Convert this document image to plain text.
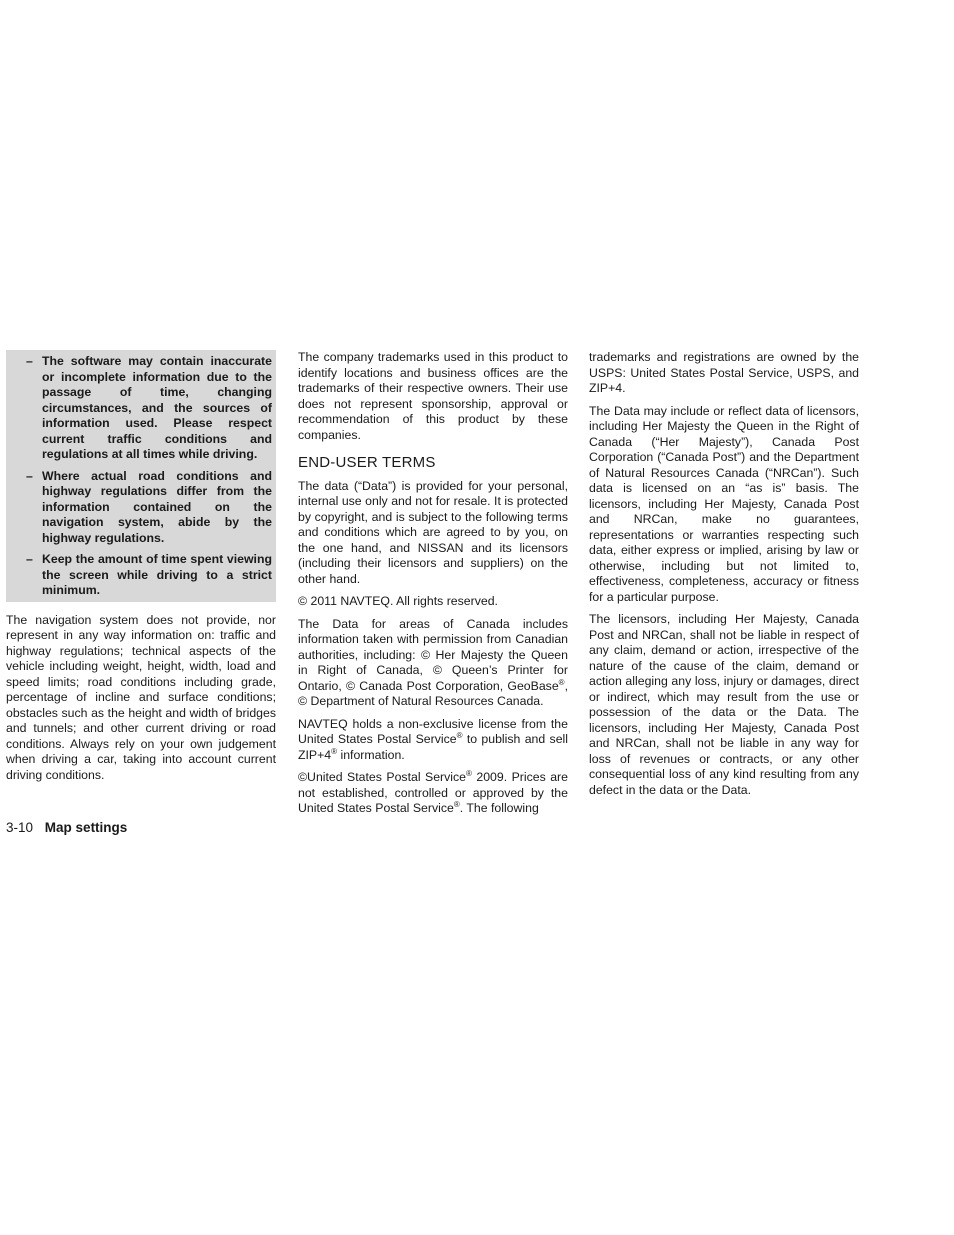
– The software may contain inaccurate or incomplete information due to the passage of time, changing circumstances, and the sources of information used. Please respect current traffic conditions and regulations at all times while driving.
– Where actual road conditions and highway regulations differ from the information contained on the navigation system, abide by the highway regulations.
– Keep the amount of time spent viewing the screen while driving to a strict minimum.

The navigation system does not provide, nor represent in any way information on: traffic and highway regulations; technical aspects of the vehicle including weight, height, width, load and speed limits; road conditions including grade, percentage of incline and surface conditions; obstacles such as the height and width of bridges and tunnels; and other current driving or road conditions. Always rely on your own judgement when driving a car, taking into account current driving conditions.

The company trademarks used in this product to identify locations and business offices are the trademarks of their respective owners. Their use does not represent sponsorship, approval or recommendation of this product by these companies.

END-USER TERMS

The data (“Data”) is provided for your personal, internal use only and not for resale. It is protected by copyright, and is subject to the following terms and conditions which are agreed to by you, on the one hand, and NISSAN and its licensors (including their licensors and suppliers) on the other hand.

© 2011 NAVTEQ. All rights reserved.

The Data for areas of Canada includes information taken with permission from Canadian authorities, including: © Her Majesty the Queen in Right of Canada, © Queen’s Printer for Ontario, © Canada Post Corporation, GeoBase®, © Department of Natural Resources Canada.

NAVTEQ holds a non-exclusive license from the United States Postal Service® to publish and sell ZIP+4® information.

©United States Postal Service® 2009. Prices are not established, controlled or approved by the United States Postal Service®. The following

trademarks and registrations are owned by the USPS: United States Postal Service, USPS, and ZIP+4.

The Data may include or reflect data of licensors, including Her Majesty the Queen in the Right of Canada (“Her Majesty”), Canada Post Corporation (“Canada Post”) and the Department of Natural Resources Canada (“NRCan”). Such data is licensed on an “as is” basis. The licensors, including Her Majesty, Canada Post and NRCan, make no guarantees, representations or warranties respecting such data, either express or implied, arising by law or otherwise, including but not limited to, effectiveness, completeness, accuracy or fitness for a particular purpose.

The licensors, including Her Majesty, Canada Post and NRCan, shall not be liable in respect of any claim, demand or action, irrespective of the nature of the cause of the claim, demand or action alleging any loss, injury or damages, direct or indirect, which may result from the use or possession of the data or the Data. The licensors, including Her Majesty, Canada Post and NRCan, shall not be liable in any way for loss of revenues or contracts, or any other consequential loss of any kind resulting from any defect in the data or the Data.

3-10 Map settings
